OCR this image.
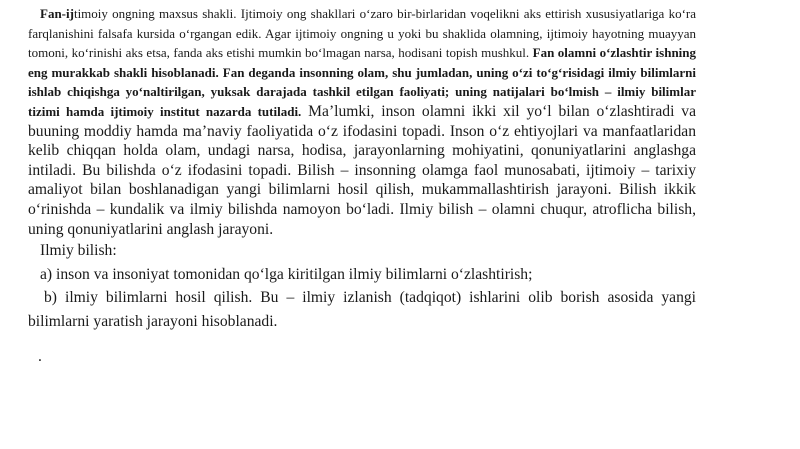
Fan-ijtimoiy ongning maxsus shakli. Ijtimoiy ong shakllari o‘zaro bir-birlaridan voqelikni aks ettirish xususiyatlariga ko‘ra farqlanishini falsafa kursida o‘rgangan edik. Agar ijtimoiy ongning u yoki bu shaklida olamning, ijtimoiy hayotning muayyan tomoni, ko‘rinishi aks etsa, fanda aks etishi mumkin bo‘lmagan narsa, hodisani topish mushkul. Fan olamni o‘zlashtir ishning eng murakkab shakli hisoblanadi. Fan deganda insonning olam, shu jumladan, uning o‘zi to‘g‘risidagi ilmiy bilimlarni ishlab chiqishga yo‘naltirilgan, yuksak darajada tashkil etilgan faoliyati; uning natijalari bo‘lmish – ilmiy bilimlar tizimi hamda ijtimoiy institut nazarda tutiladi. Ma’lumki, inson olamni ikki xil yo‘l bilan o‘zlashtiradi va buuning moddiy hamda ma’naviy faoliyatida o‘z ifodasini topadi. Inson o‘z ehtiyojlari va manfaatlaridan kelib chiqqan holda olam, undagi narsa, hodisa, jarayonlarning mohiyatini, qonuniyatlarini anglashga intiladi. Bu bilishda o‘z ifodasini topadi. Bilish – insonning olamga faol munosabati, ijtimoiy – tarixiy amaliyot bilan boshlanadigan yangi bilimlarni hosil qilish, mukammallashtirish jarayoni. Bilish ikkik o‘rinishda – kundalik va ilmiy bilishda namoyon bo‘ladi. Ilmiy bilish – olamni chuqur, atroflicha bilish, uning qonuniyatlarini anglash jarayoni.

Ilmiy bilish:

a) inson va insoniyat tomonidan qo‘lga kiritilgan ilmiy bilimlarni o‘zlashtirish;

b) ilmiy bilimlarni hosil qilish. Bu – ilmiy izlanish (tadqiqot) ishlarini olib borish asosida yangi bilimlarni yaratish jarayoni hisoblanadi.

.
